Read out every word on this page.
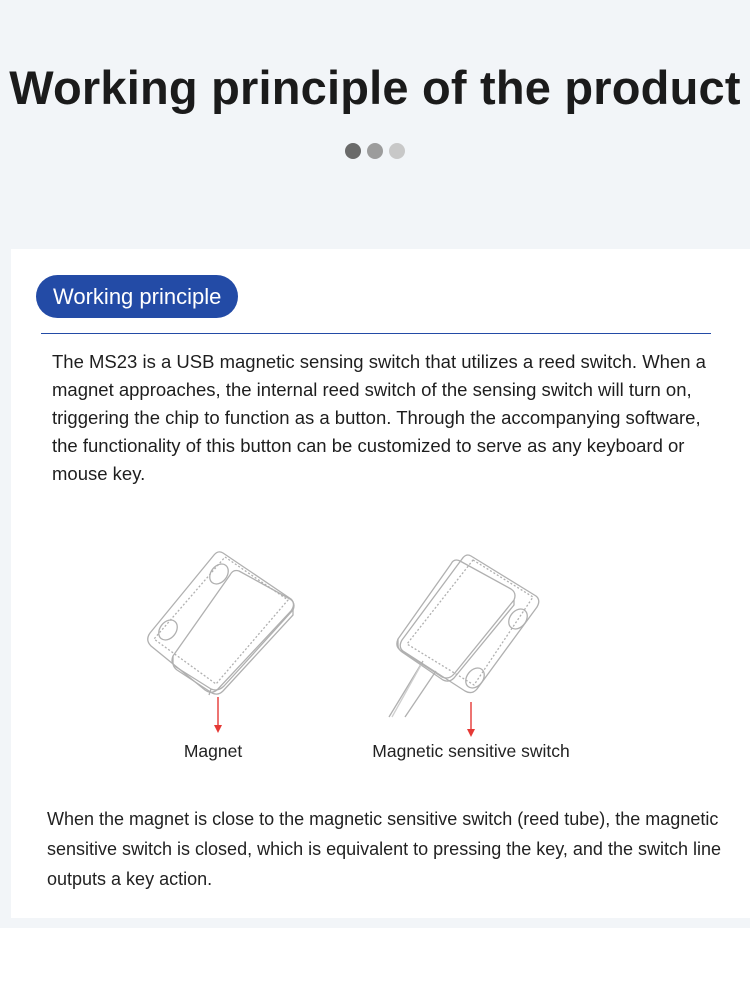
Working principle of the product
Working principle

The MS23 is a USB magnetic sensing switch that utilizes a reed switch. When a magnet approaches, the internal reed switch of the sensing switch will turn on, triggering the chip to function as a button. Through the accompanying software, the functionality of this button can be customized to serve as any keyboard or mouse key.

Magnet	Magnetic sensitive switch

When the magnet is close to the magnetic sensitive switch (reed tube), the magnetic sensitive switch is closed, which is equivalent to pressing the key, and the switch line outputs a key action.
